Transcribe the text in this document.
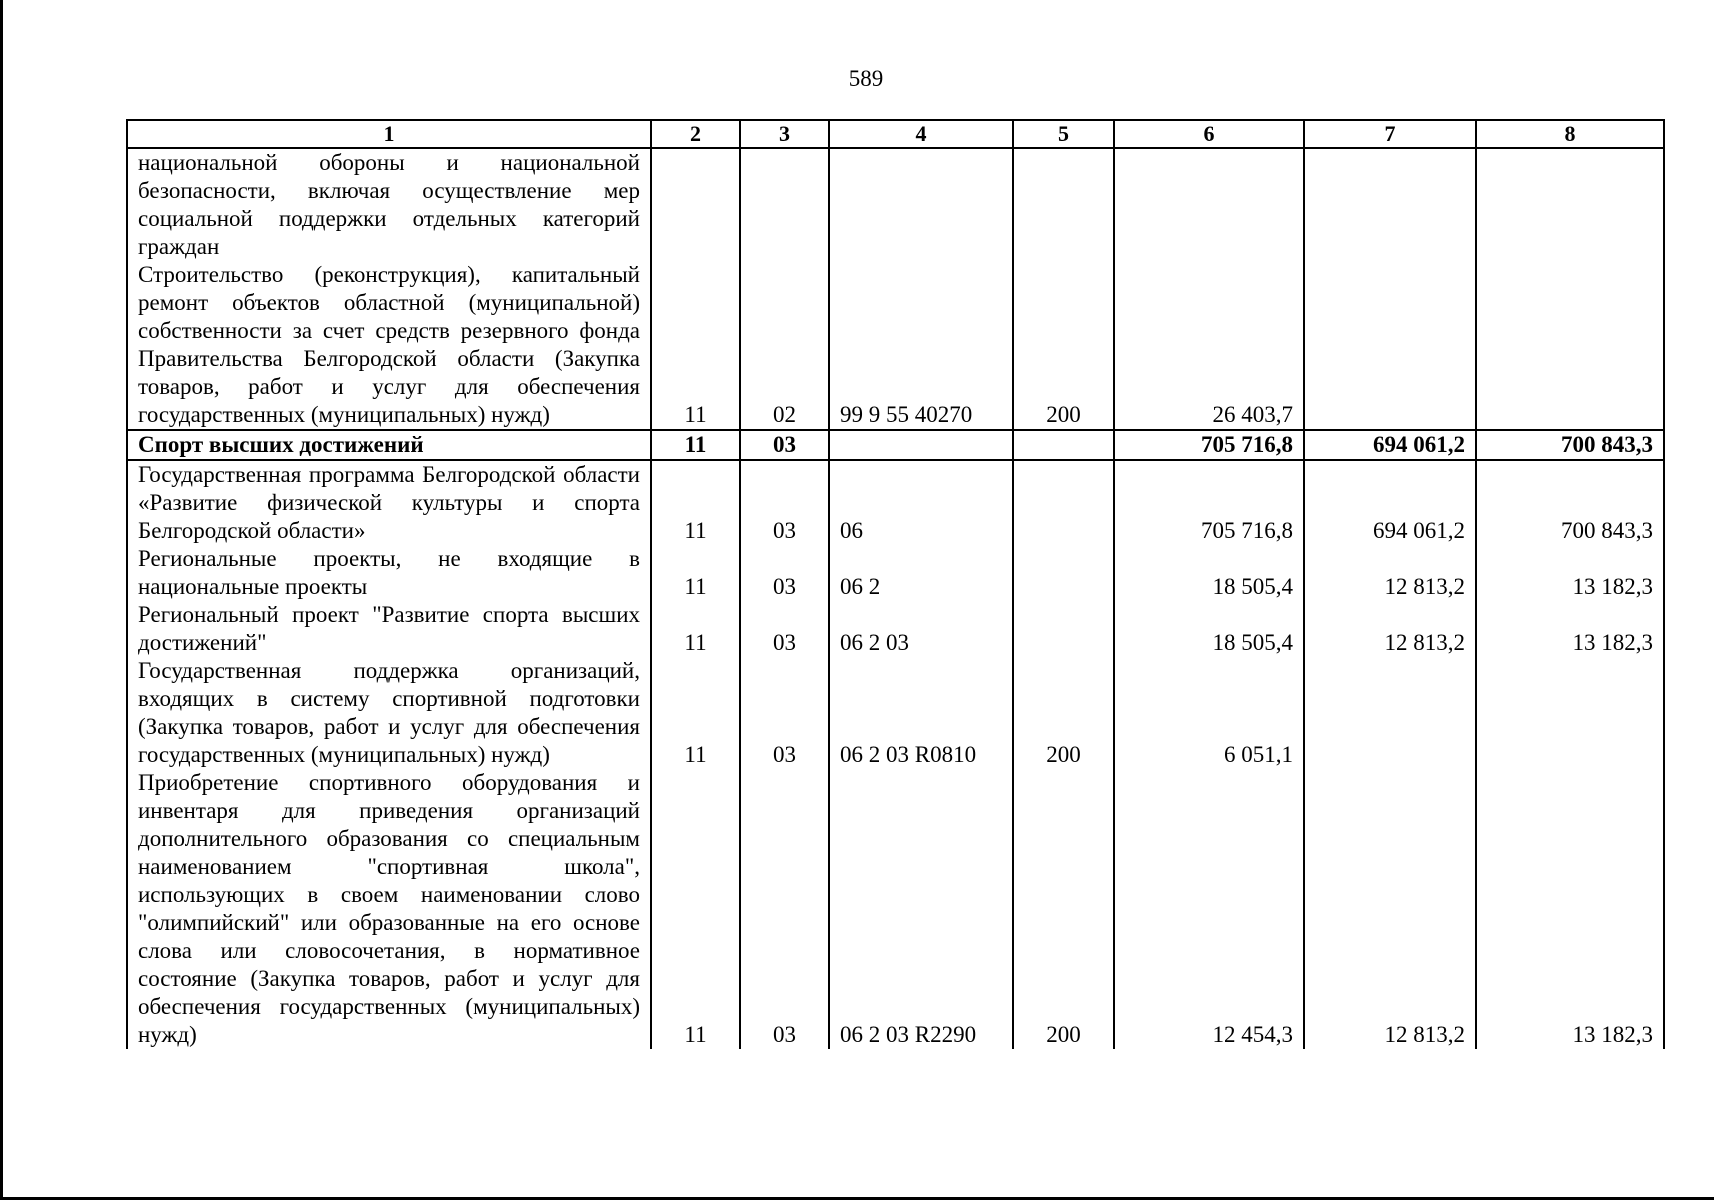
589
1	2	3	4	5	6	7	8
национальной обороны и национальной безопасности, включая осуществление мер социальной поддержки отдельных категорий граждан							
Строительство (реконструкция), капитальный ремонт объектов областной (муниципальной) собственности за счет средств резервного фонда Правительства Белгородской области (Закупка товаров, работ и услуг для обеспечения государственных (муниципальных) нужд)	11	02	99 9 55 40270	200	26 403,7		
Спорт высших достижений	11	03			705 716,8	694 061,2	700 843,3
Государственная программа Белгородской области «Развитие физической культуры и спорта Белгородской области»	11	03	06		705 716,8	694 061,2	700 843,3
Региональные проекты, не входящие в национальные проекты	11	03	06 2		18 505,4	12 813,2	13 182,3
Региональный проект "Развитие спорта высших достижений"	11	03	06 2 03		18 505,4	12 813,2	13 182,3
Государственная поддержка организаций, входящих в систему спортивной подготовки (Закупка товаров, работ и услуг для обеспечения государственных (муниципальных) нужд)	11	03	06 2 03 R0810	200	6 051,1		
Приобретение спортивного оборудования и инвентаря для приведения организаций дополнительного образования со специальным наименованием "спортивная школа", использующих в своем наименовании слово "олимпийский" или образованные на его основе слова или словосочетания, в нормативное состояние (Закупка товаров, работ и услуг для обеспечения государственных (муниципальных) нужд)	11	03	06 2 03 R2290	200	12 454,3	12 813,2	13 182,3
